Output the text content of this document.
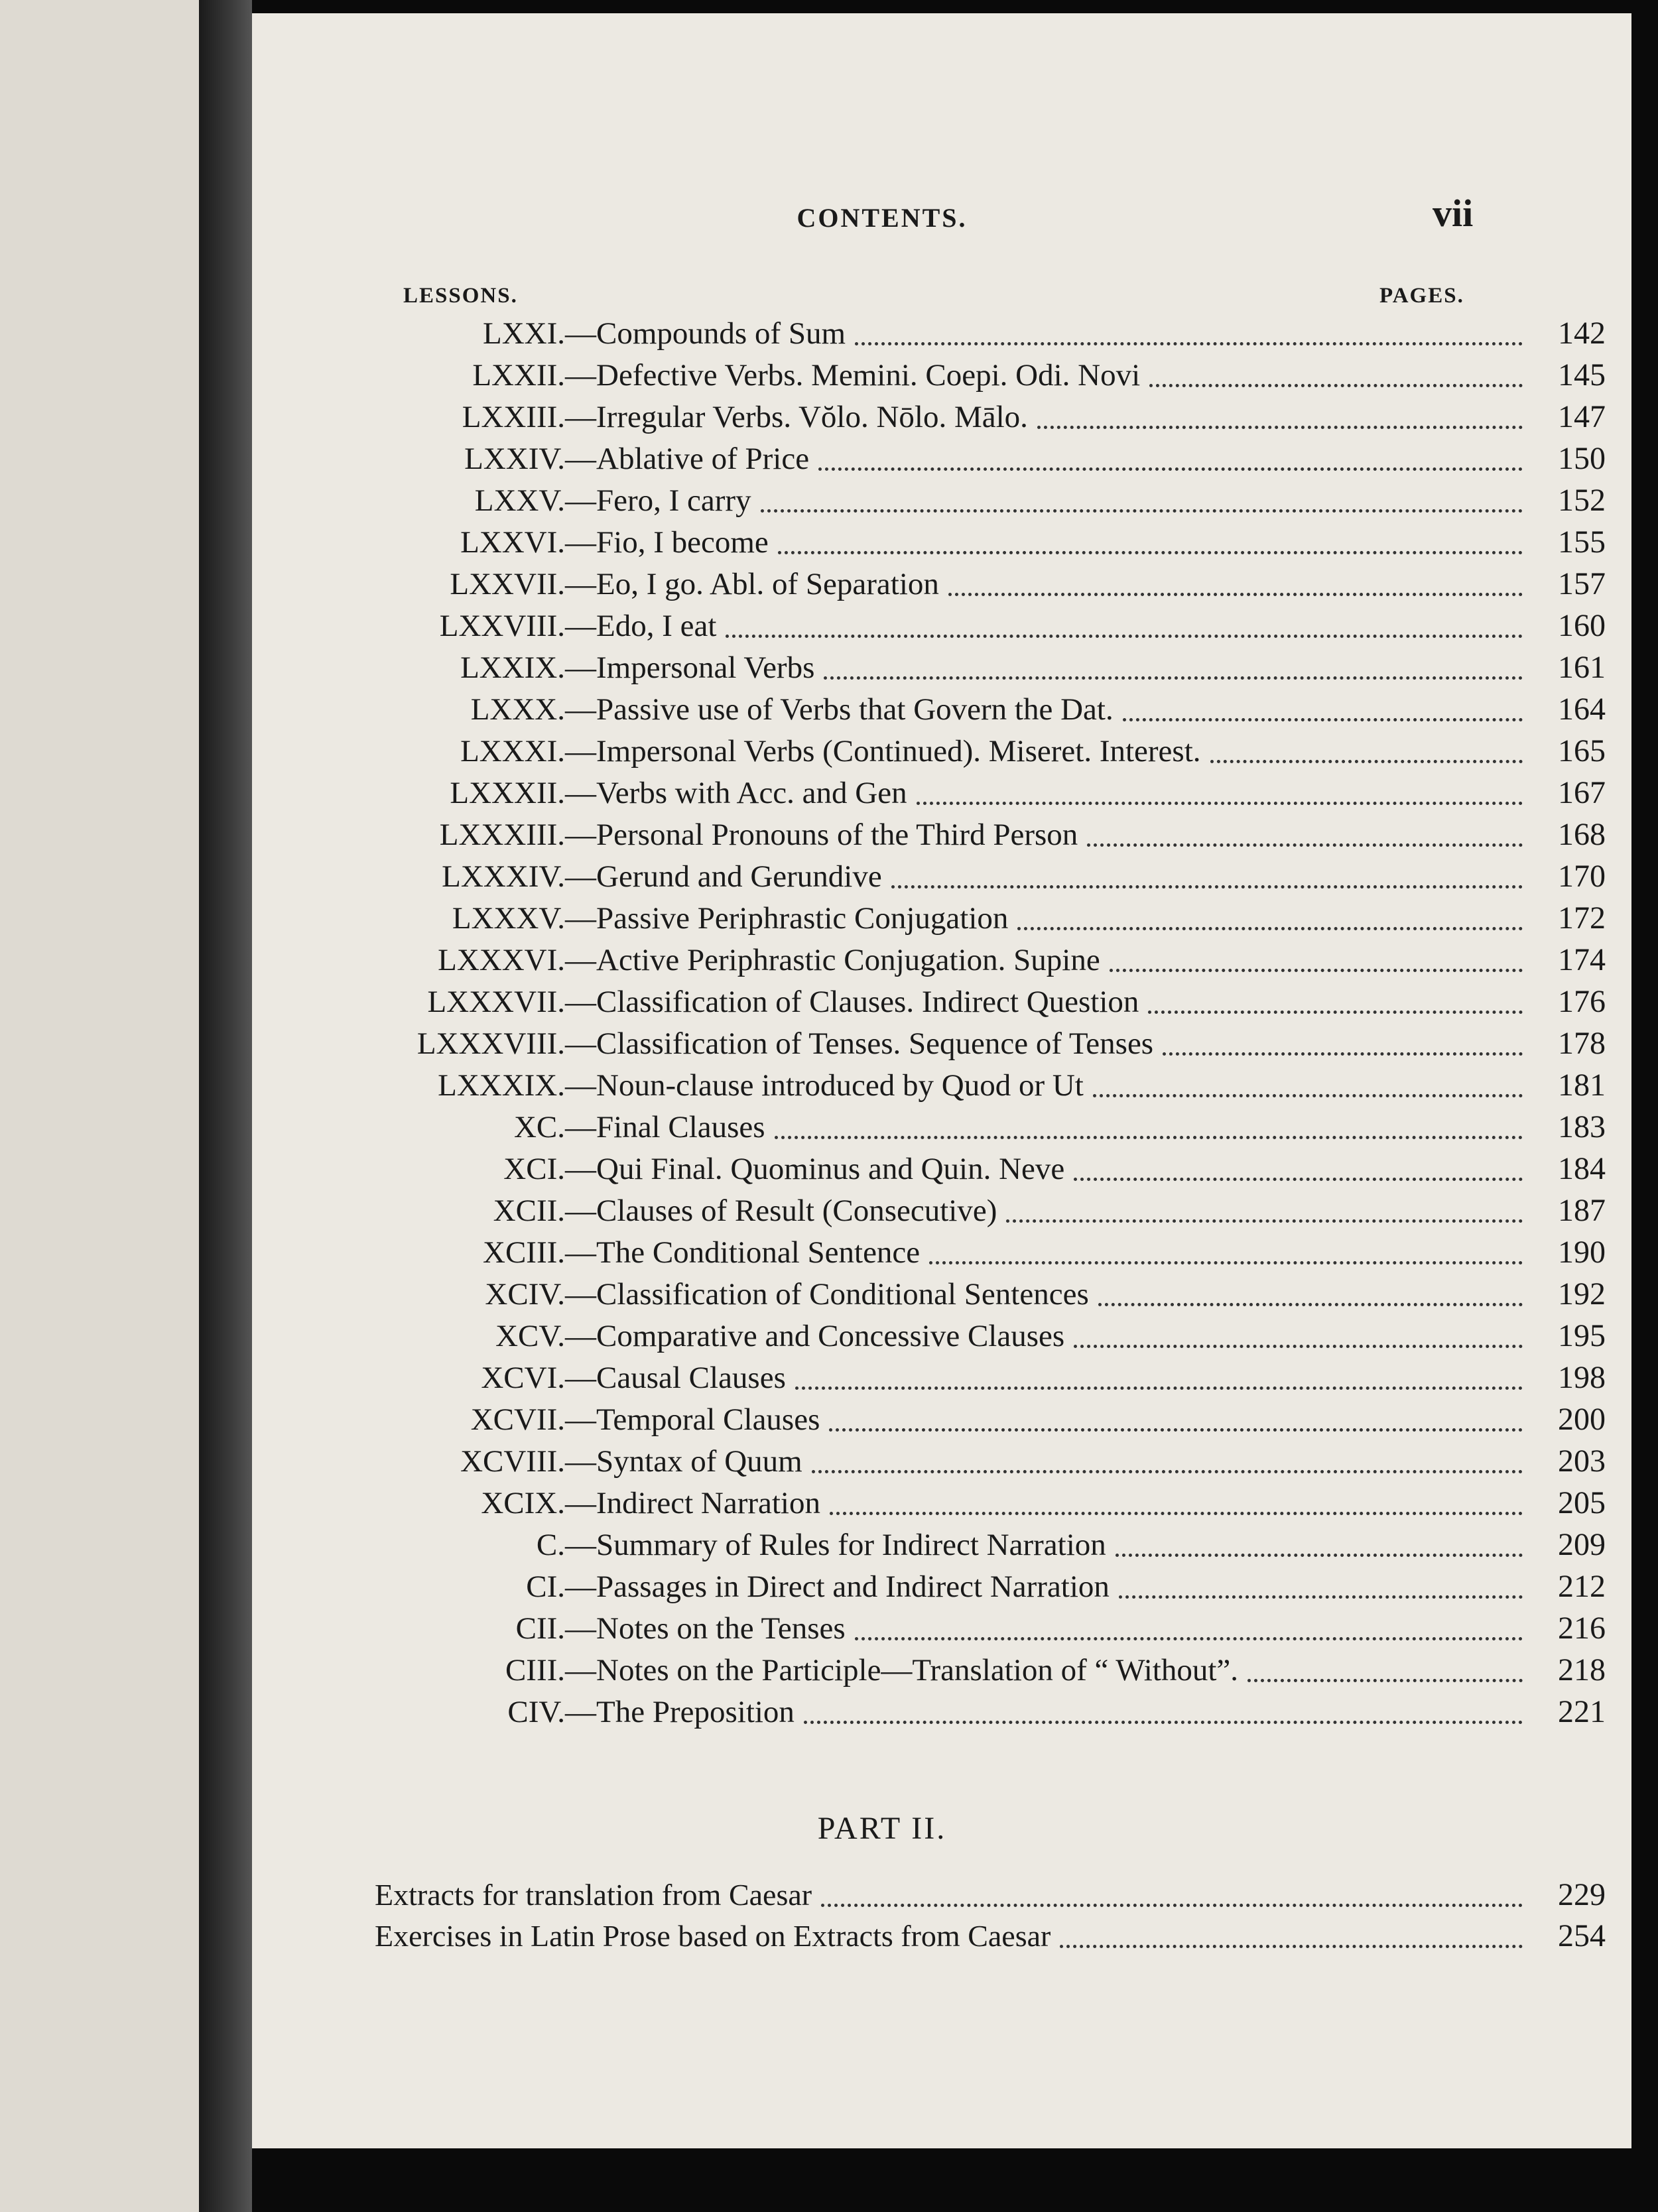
CONTENTS.	vii
LESSONS.	PAGES.
LXXI. — Compounds of Sum	142
LXXII. — Defective Verbs. Memini. Coepi. Odi. Novi	145
LXXIII. — Irregular Verbs. Vŏlo. Nōlo. Mālo.	147
LXXIV. — Ablative of Price	150
LXXV. — Fero, I carry	152
LXXVI. — Fio, I become	155
LXXVII. — Eo, I go. Abl. of Separation	157
LXXVIII. — Edo, I eat	160
LXXIX. — Impersonal Verbs	161
LXXX. — Passive use of Verbs that Govern the Dat.	164
LXXXI. — Impersonal Verbs (Continued). Miseret. Interest.	165
LXXXII. — Verbs with Acc. and Gen	167
LXXXIII. — Personal Pronouns of the Third Person	168
LXXXIV. — Gerund and Gerundive	170
LXXXV. — Passive Periphrastic Conjugation	172
LXXXVI. — Active Periphrastic Conjugation. Supine	174
LXXXVII. — Classification of Clauses. Indirect Question	176
LXXXVIII. — Classification of Tenses. Sequence of Tenses	178
LXXXIX. — Noun-clause introduced by Quod or Ut	181
XC. — Final Clauses	183
XCI. — Qui Final. Quominus and Quin. Neve	184
XCII. — Clauses of Result (Consecutive)	187
XCIII. — The Conditional Sentence	190
XCIV. — Classification of Conditional Sentences	192
XCV. — Comparative and Concessive Clauses	195
XCVI. — Causal Clauses	198
XCVII. — Temporal Clauses	200
XCVIII. — Syntax of Quum	203
XCIX. — Indirect Narration	205
C. — Summary of Rules for Indirect Narration	209
CI. — Passages in Direct and Indirect Narration	212
CII. — Notes on the Tenses	216
CIII. — Notes on the Participle—Translation of “ Without”.	218
CIV. — The Preposition	221
PART II.
Extracts for translation from Caesar	229
Exercises in Latin Prose based on Extracts from Caesar	254
